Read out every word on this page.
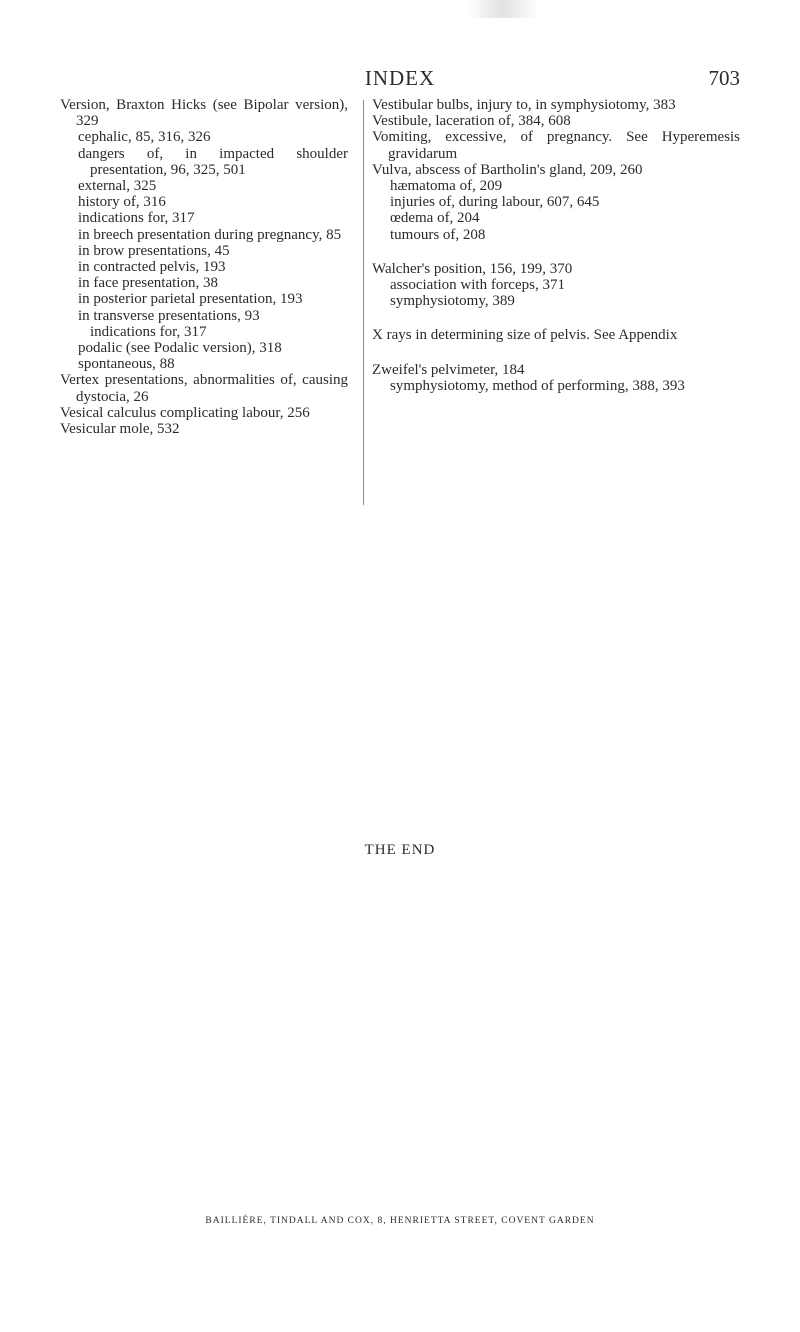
INDEX	703
Version, Braxton Hicks (see Bipolar version), 329
cephalic, 85, 316, 326
dangers of, in impacted shoulder presentation, 96, 325, 501
external, 325
history of, 316
indications for, 317
in breech presentation during pregnancy, 85
in brow presentations, 45
in contracted pelvis, 193
in face presentation, 38
in posterior parietal presentation, 193
in transverse presentations, 93
indications for, 317
podalic (see Podalic version), 318
spontaneous, 88
Vertex presentations, abnormalities of, causing dystocia, 26
Vesical calculus complicating labour, 256
Vesicular mole, 532
Vestibular bulbs, injury to, in symphysiotomy, 383
Vestibule, laceration of, 384, 608
Vomiting, excessive, of pregnancy. See Hyperemesis gravidarum
Vulva, abscess of Bartholin's gland, 209, 260
hæmatoma of, 209
injuries of, during labour, 607, 645
œdema of, 204
tumours of, 208
Walcher's position, 156, 199, 370
association with forceps, 371
symphysiotomy, 389
X rays in determining size of pelvis. See Appendix
Zweifel's pelvimeter, 184
symphysiotomy, method of performing, 388, 393
THE END
BAILLIÈRE, TINDALL AND COX, 8, HENRIETTA STREET, COVENT GARDEN
